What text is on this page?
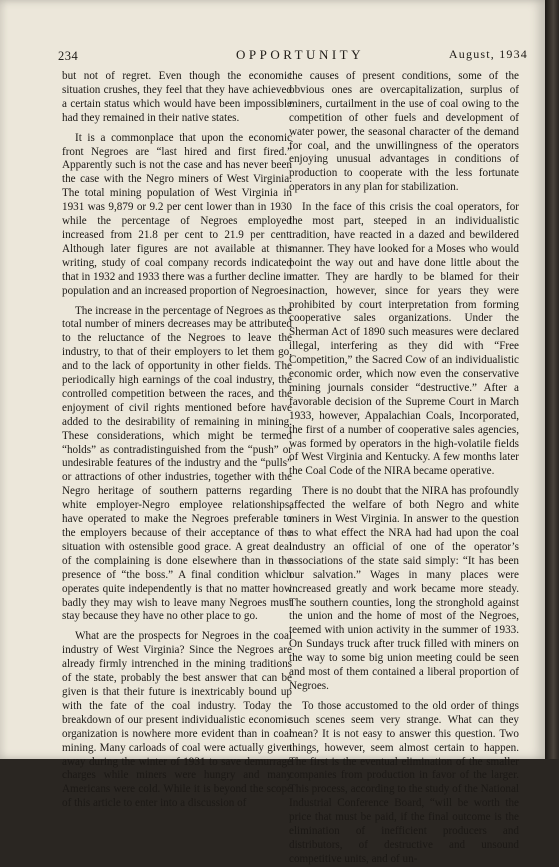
234	OPPORTUNITY	August, 1934

but not of regret. Even though the economic situation crushes, they feel that they have achieved a certain status which would have been impossible had they remained in their native states.

It is a commonplace that upon the economic front Negroes are “last hired and first fired.” Apparently such is not the case and has never been the case with the Negro miners of West Virginia. The total mining population of West Virginia in 1931 was 9,879 or 9.2 per cent lower than in 1930 while the percentage of Negroes employed increased from 21.8 per cent to 21.9 per cent. Although later figures are not available at this writing, study of coal company records indicated that in 1932 and 1933 there was a further decline in population and an increased proportion of Negroes.

The increase in the percentage of Negroes as the total number of miners decreases may be attributed to the reluctance of the Negroes to leave the industry, to that of their employers to let them go, and to the lack of opportunity in other fields. The periodically high earnings of the coal industry, the controlled competition between the races, and the enjoyment of civil rights mentioned before have added to the desirability of remaining in mining. These considerations, which might be termed “holds” as contradistinguished from the “push” or undesirable features of the industry and the “pulls” or attractions of other industries, together with the Negro heritage of southern patterns regarding white employer-Negro employee relationships, have operated to make the Negroes preferable to the employers because of their acceptance of the situation with ostensible good grace. A great deal of the complaining is done elsewhere than in the presence of “the boss.” A final condition which operates quite independently is that no matter how badly they may wish to leave many Negroes must stay because they have no other place to go.

What are the prospects for Negroes in the coal industry of West Virginia? Since the Negroes are already firmly intrenched in the mining traditions of the state, probably the best answer that can be given is that their future is inextricably bound up with the fate of the coal industry. Today the breakdown of our present individualistic economic organization is nowhere more evident than in coal mining. Many carloads of coal were actually given away during the winter of 1931 to save demurrage charges while miners were hungry and many Americans were cold. While it is beyond the scope of this article to enter into a discussion of

the causes of present conditions, some of the obvious ones are overcapitalization, surplus of miners, curtailment in the use of coal owing to the competition of other fuels and development of water power, the seasonal character of the demand for coal, and the unwillingness of the operators enjoying unusual advantages in conditions of production to cooperate with the less fortunate operators in any plan for stabilization.

In the face of this crisis the coal operators, for the most part, steeped in an individualistic tradition, have reacted in a dazed and bewildered manner. They have looked for a Moses who would point the way out and have done little about the matter. They are hardly to be blamed for their inaction, however, since for years they were prohibited by court interpretation from forming cooperative sales organizations. Under the Sherman Act of 1890 such measures were declared illegal, interfering as they did with “Free Competition,” the Sacred Cow of an individualistic economic order, which now even the conservative mining journals consider “destructive.” After a favorable decision of the Supreme Court in March 1933, however, Appalachian Coals, Incorporated, the first of a number of cooperative sales agencies, was formed by operators in the high-volatile fields of West Virginia and Kentucky. A few months later the Coal Code of the NIRA became operative.

There is no doubt that the NIRA has profoundly affected the welfare of both Negro and white miners in West Virginia. In answer to the question as to what effect the NRA had had upon the coal industry an official of one of the operator’s associations of the state said simply: “It has been our salvation.” Wages in many places were increased greatly and work became more steady. The southern counties, long the stronghold against the union and the home of most of the Negroes, teemed with union activity in the summer of 1933. On Sundays truck after truck filled with miners on the way to some big union meeting could be seen and most of them contained a liberal proportion of Negroes.

To those accustomed to the old order of things such scenes seem very strange. What can they mean? It is not easy to answer this question. Two things, however, seem almost certain to happen. The first is the eventual elimination of the smaller companies from production in favor of the larger. This process, according to the study of the National Industrial Conference Board, “will be worth the price that must be paid, if the final outcome is the elimination of inefficient producers and distributors, of destructive and unsound competitive units, and of un-
